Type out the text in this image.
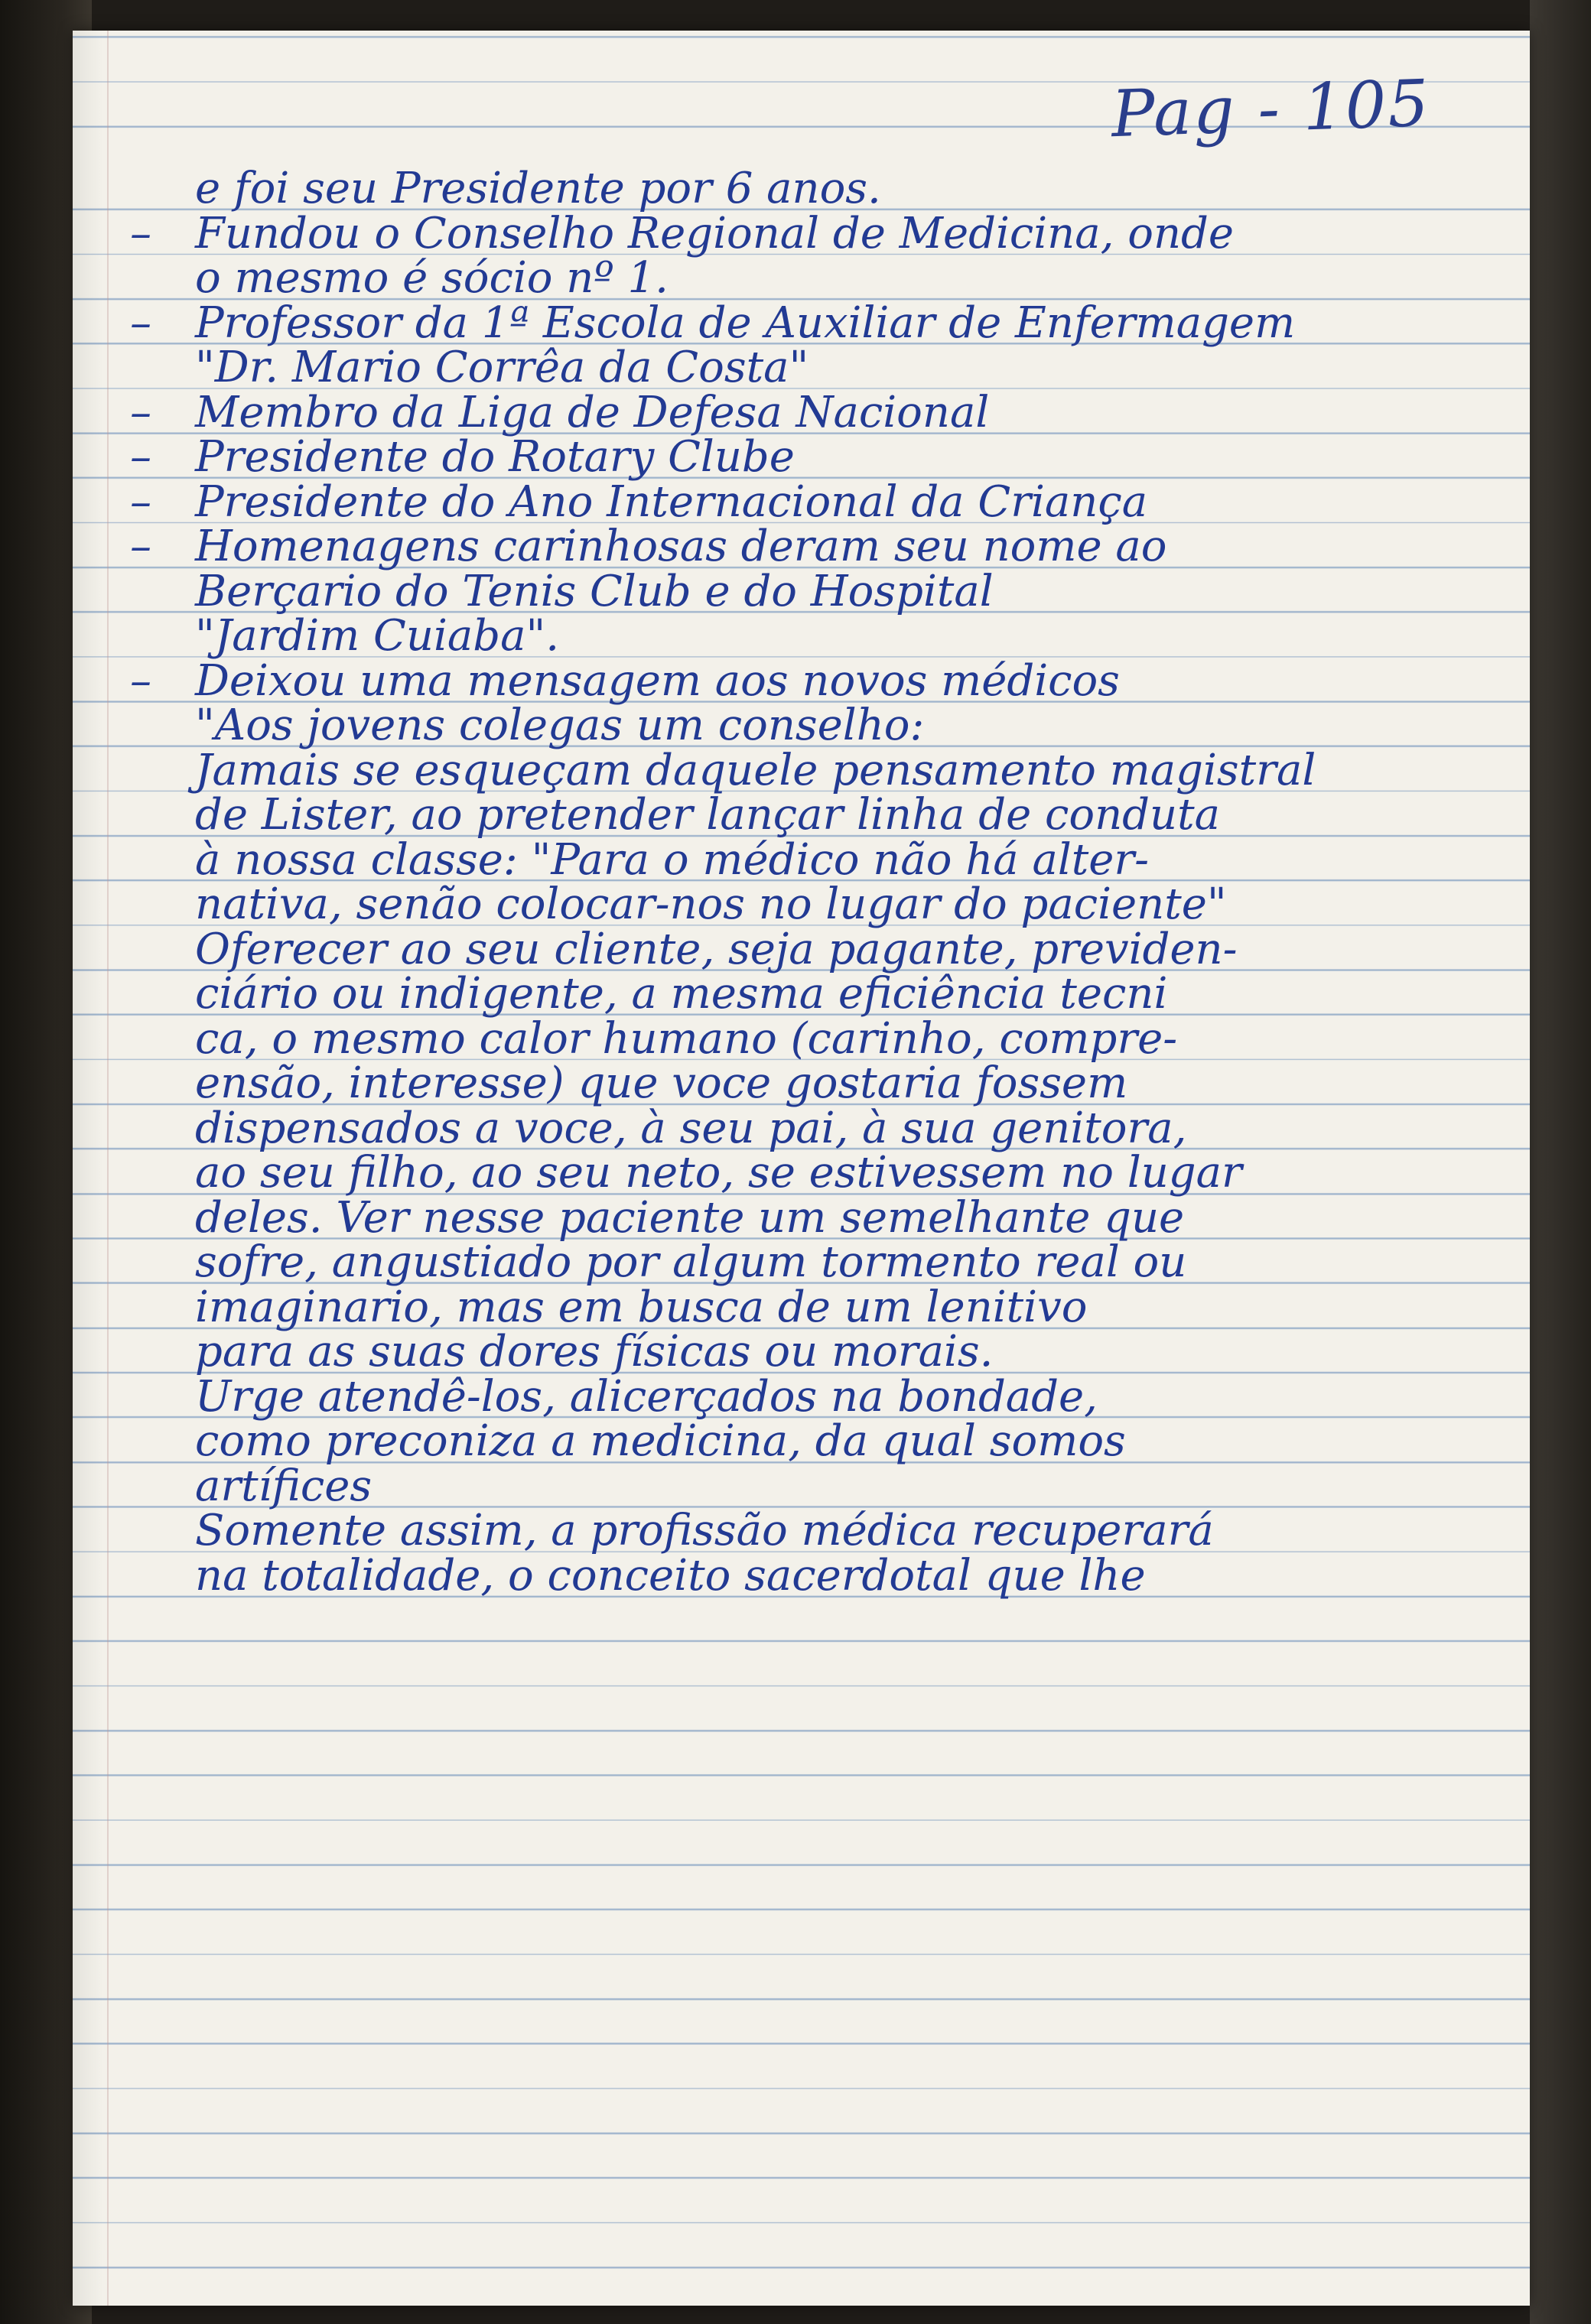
Pag - 105
e foi seu Presidente por 6 anos.
– Fundou o Conselho Regional de Medicina, onde
o mesmo é sócio nº 1.
– Professor da 1ª Escola de Auxiliar de Enfermagem
"Dr. Mario Corrêa da Costa"
– Membro da Liga de Defesa Nacional
– Presidente do Rotary Clube
– Presidente do Ano Internacional da Criança
– Homenagens carinhosas deram seu nome ao
Berçario do Tenis Club e do Hospital
"Jardim Cuiaba".
– Deixou uma mensagem aos novos médicos
"Aos jovens colegas um conselho:
Jamais se esqueçam daquele pensamento magistral
de Lister, ao pretender lançar linha de conduta
à nossa classe: "Para o médico não há alter-
nativa, senão colocar-nos no lugar do paciente"
Oferecer ao seu cliente, seja pagante, previden-
ciário ou indigente, a mesma eficiência tecni
ca, o mesmo calor humano (carinho, compre-
ensão, interesse) que voce gostaria fossem
dispensados a voce, à seu pai, à sua genitora,
ao seu filho, ao seu neto, se estivessem no lugar
deles. Ver nesse paciente um semelhante que
sofre, angustiado por algum tormento real ou
imaginario, mas em busca de um lenitivo
para as suas dores físicas ou morais.
Urge atendê-los, alicerçados na bondade,
como preconiza a medicina, da qual somos
artífices
Somente assim, a profissão médica recuperará
na totalidade, o conceito sacerdotal que lhe
